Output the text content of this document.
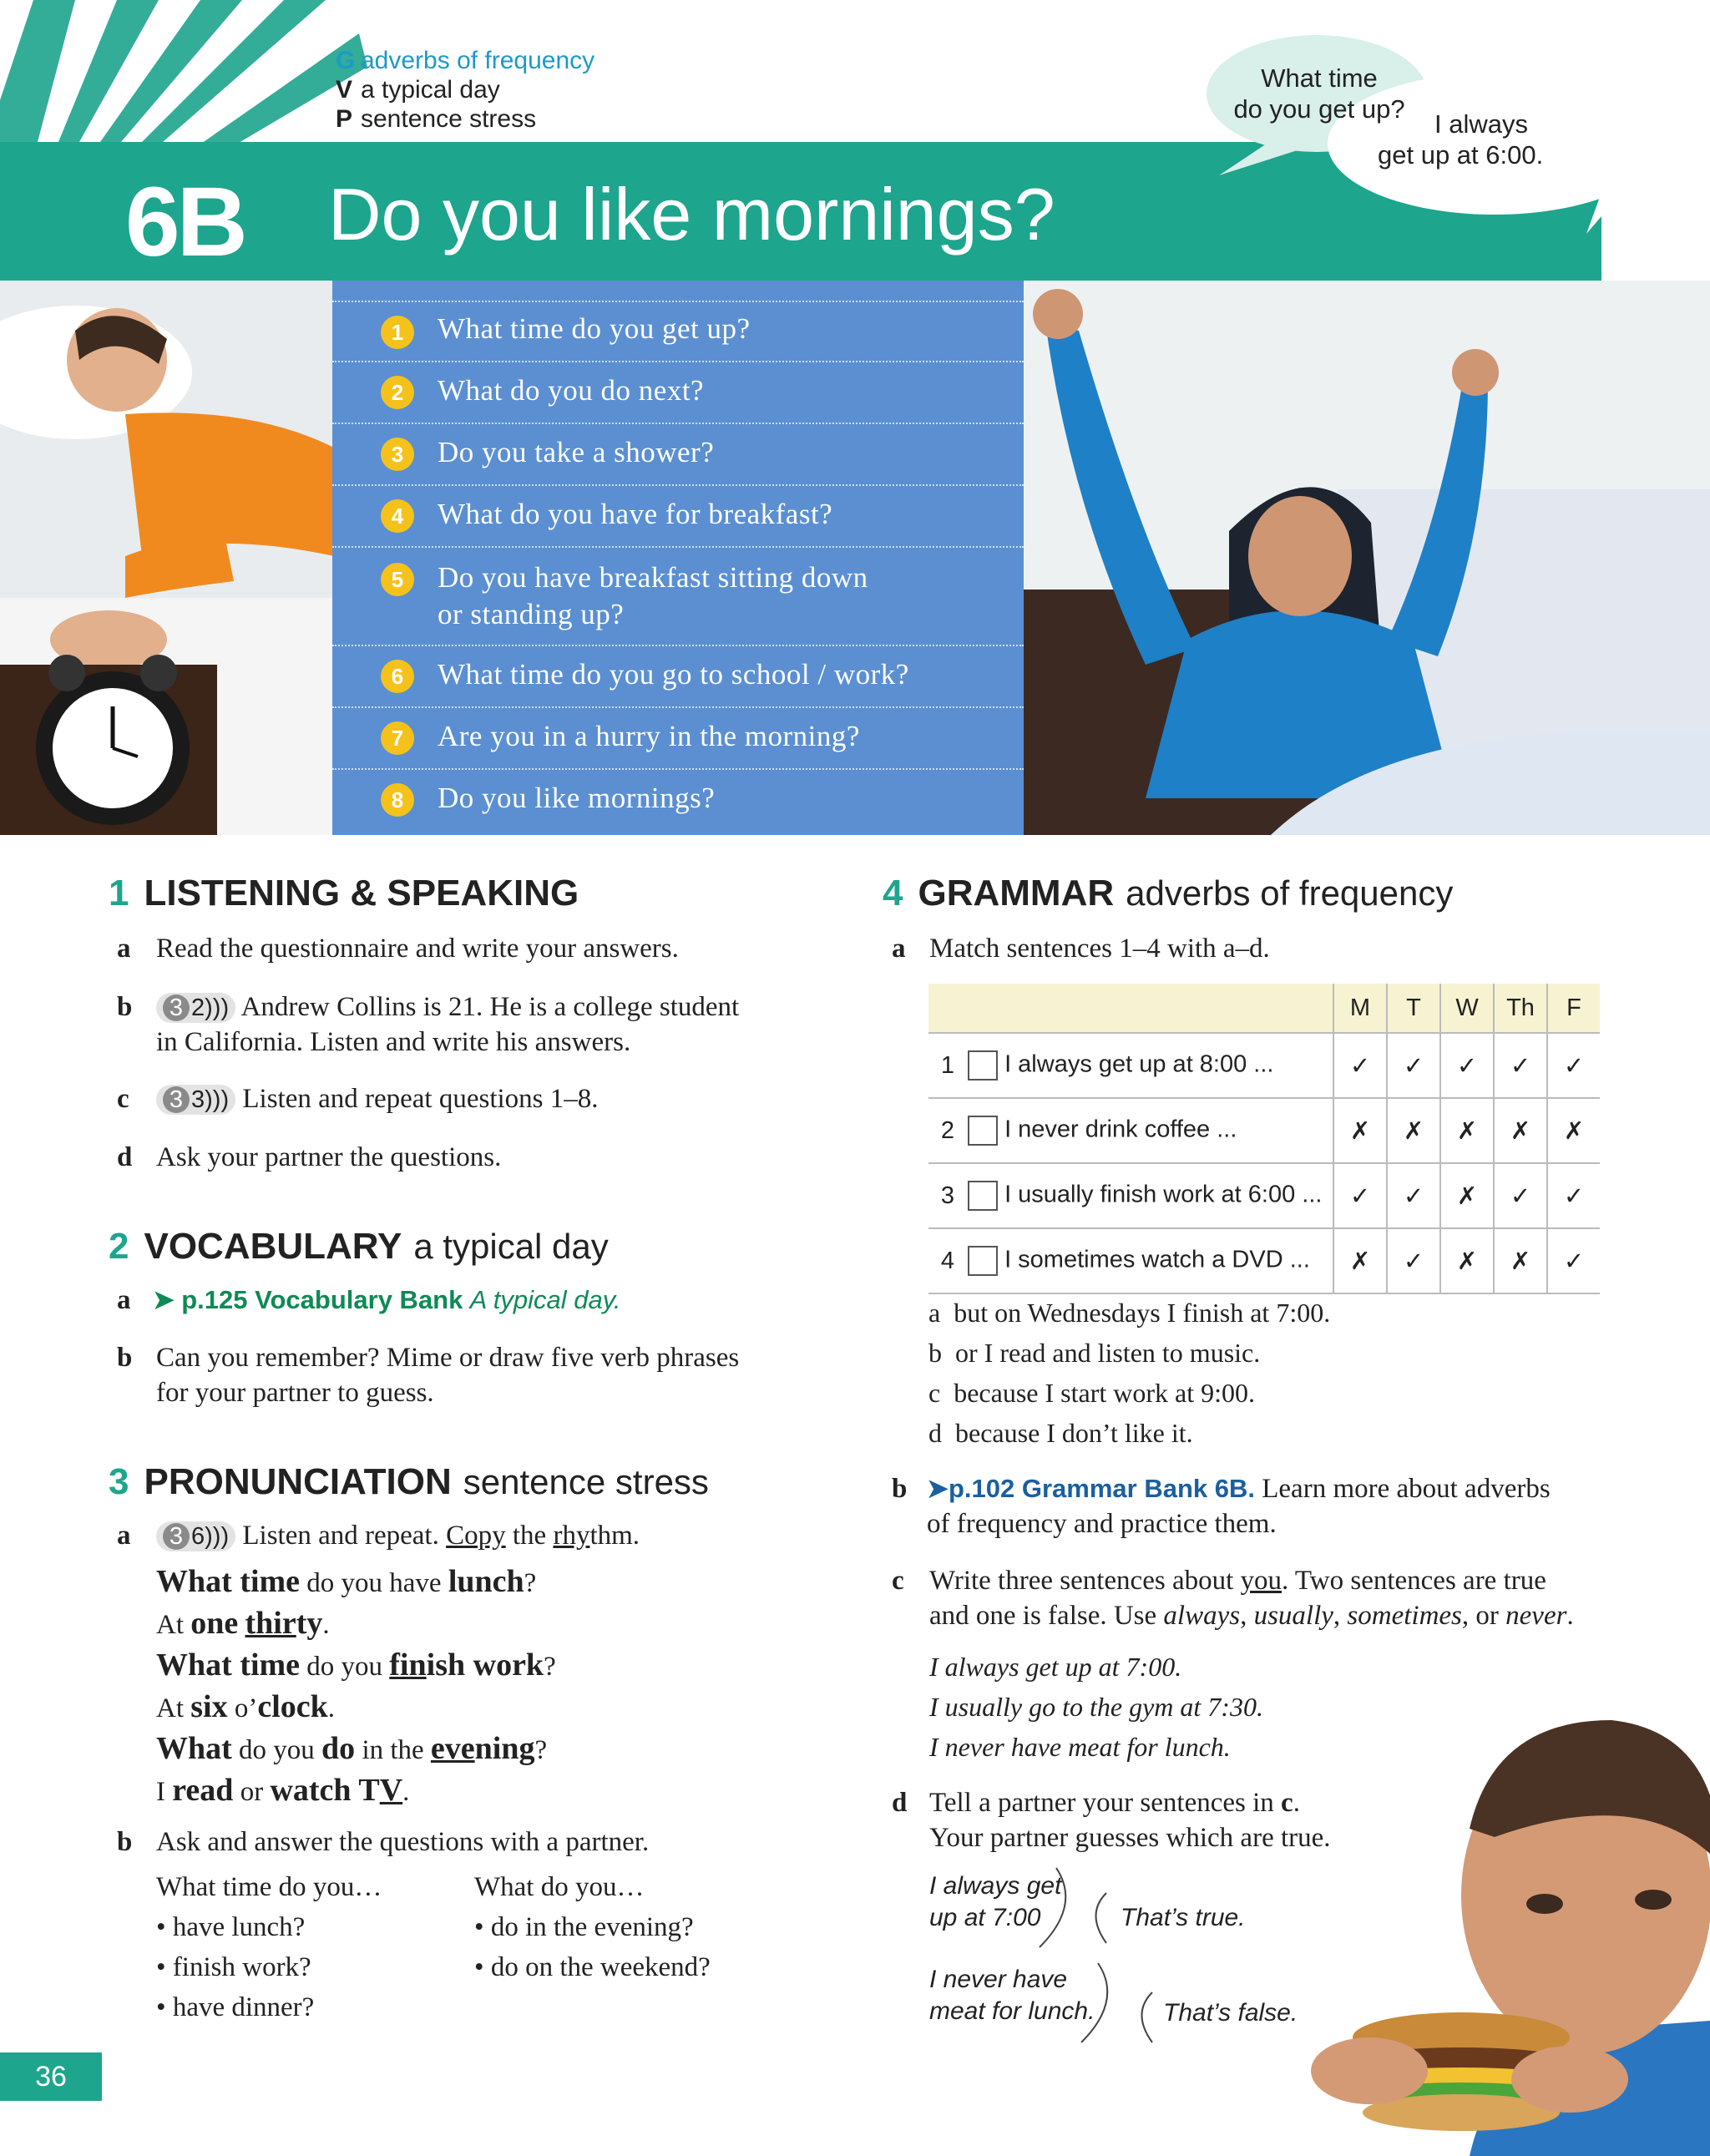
G adverbs of frequency
V a typical day
P sentence stress
6B Do you like mornings?
What time
do you get up?
I always
get up at 6:00.
1	What time do you get up?
2	What do you do next?
3	Do you take a shower?
4	What do you have for breakfast?
5	Do you have breakfast sitting down
or standing up?
6	What time do you go to school / work?
7	Are you in a hurry in the morning?
8	Do you like mornings?
1 LISTENING & SPEAKING
a Read the questionnaire and write your answers.
b	3 2))) Andrew Collins is 21. He is a college student
in California. Listen and write his answers.
c	3 3))) Listen and repeat questions 1–8.
d Ask your partner the questions.
2 VOCABULARY a typical day
a ➤ p.125 Vocabulary Bank A typical day.
b Can you remember? Mime or draw five verb phrases
for your partner to guess.
3 PRONUNCIATION sentence stress
a	3 6))) Listen and repeat. Copy the rhythm.
What time do you have lunch?
At one thirty.
What time do you finish work?
At six o’clock.
What do you do in the evening?
I read or watch TV.
b Ask and answer the questions with a partner.
What time do you…
• have lunch?
• finish work?
• have dinner?
What do you…
• do in the evening?
• do on the weekend?
4 GRAMMAR adverbs of frequency
a Match sentences 1–4 with a–d.
		M	T	W	Th	F
1	I always get up at 8:00 ...	✓	✓	✓	✓	✓
2	I never drink coffee ...	✗	✗	✗	✗	✗
3	I usually finish work at 6:00 ...	✓	✓	✗	✓	✓
4	I sometimes watch a DVD ...	✗	✓	✗	✗	✓
a but on Wednesdays I finish at 7:00.
b or I read and listen to music.
c because I start work at 9:00.
d because I don’t like it.
b ➤p.102 Grammar Bank 6B. Learn more about adverbs
of frequency and practice them.
c Write three sentences about you. Two sentences are true
and one is false. Use always, usually, sometimes, or never.
I always get up at 7:00.
I usually go to the gym at 7:30.
I never have meat for lunch.
d Tell a partner your sentences in c.
Your partner guesses which are true.
I always get
up at 7:00	That’s true.
I never have
meat for lunch.	That’s false.
36
